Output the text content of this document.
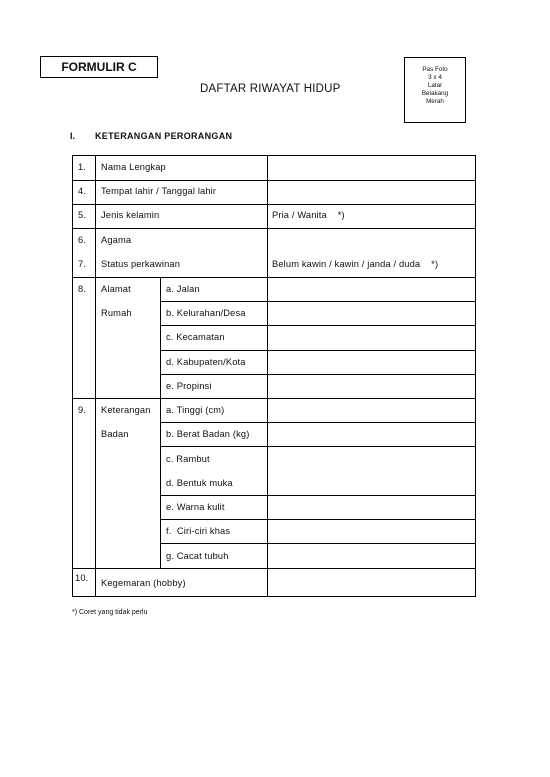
FORMULIR C
DAFTAR RIWAYAT HIDUP
Pas Foto
3 x 4
Latar
Belakang
Merah
I. KETERANGAN PERORANGAN
1. Nama Lengkap
4. Tempat lahir / Tanggal lahir
5. Jenis kelamin	Pria / Wanita    *)
6. Agama
7. Status perkawinan	Belum kawin / kawin / janda / duda    *)
8. Alamat
Rumah
a. Jalan
b. Kelurahan/Desa
c. Kecamatan
d. Kabupaten/Kota
e. Propinsi
9. Keterangan
Badan
a. Tinggi (cm)
b. Berat Badan (kg)
c. Rambut
d. Bentuk muka
e. Warna kulit
f.  Ciri-ciri khas
g. Cacat tubuh
10. Kegemaran (hobby)
*) Coret yang tidak perlu
